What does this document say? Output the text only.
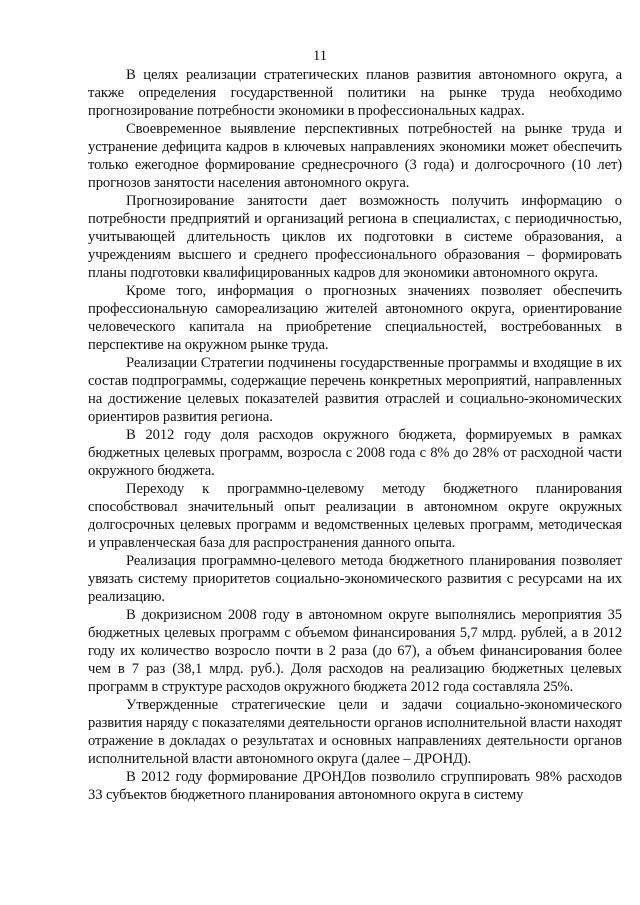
11

В целях реализации стратегических планов развития автономного округа, а также определения государственной политики на рынке труда необходимо прогнозирование потребности экономики в профессиональных кадрах.

Своевременное выявление перспективных потребностей на рынке труда и устранение дефицита кадров в ключевых направлениях экономики может обеспечить только ежегодное формирование среднесрочного (3 года) и долгосрочного (10 лет) прогнозов занятости населения автономного округа.

Прогнозирование занятости дает возможность получить информацию о потребности предприятий и организаций региона в специалистах, с периодичностью, учитывающей длительность циклов их подготовки в системе образования, а учреждениям высшего и среднего профессионального образования – формировать планы подготовки квалифицированных кадров для экономики автономного округа.

Кроме того, информация о прогнозных значениях позволяет обеспечить профессиональную самореализацию жителей автономного округа, ориентирование человеческого капитала на приобретение специальностей, востребованных в перспективе на окружном рынке труда.

Реализации Стратегии подчинены государственные программы и входящие в их состав подпрограммы, содержащие перечень конкретных мероприятий, направленных на достижение целевых показателей развития отраслей и социально-экономических ориентиров развития региона.

В 2012 году доля расходов окружного бюджета, формируемых в рамках бюджетных целевых программ, возросла с 2008 года с 8% до 28% от расходной части окружного бюджета.

Переходу к программно-целевому методу бюджетного планирования способствовал значительный опыт реализации в автономном округе окружных долгосрочных целевых программ и ведомственных целевых программ, методическая и управленческая база для распространения данного опыта.

Реализация программно-целевого метода бюджетного планирования позволяет увязать систему приоритетов социально-экономического развития с ресурсами на их реализацию.

В докризисном 2008 году в автономном округе выполнялись мероприятия 35 бюджетных целевых программ с объемом финансирования 5,7 млрд. рублей, а в 2012 году их количество возросло почти в 2 раза (до 67), а объем финансирования более чем в 7 раз (38,1 млрд. руб.). Доля расходов на реализацию бюджетных целевых программ в структуре расходов окружного бюджета 2012 года составляла 25%.

Утвержденные стратегические цели и задачи социально-экономического развития наряду с показателями деятельности органов исполнительной власти находят отражение в докладах о результатах и основных направлениях деятельности органов исполнительной власти автономного округа (далее – ДРОНД).

В 2012 году формирование ДРОНДов позволило сгруппировать 98% расходов 33 субъектов бюджетного планирования автономного округа в систему
